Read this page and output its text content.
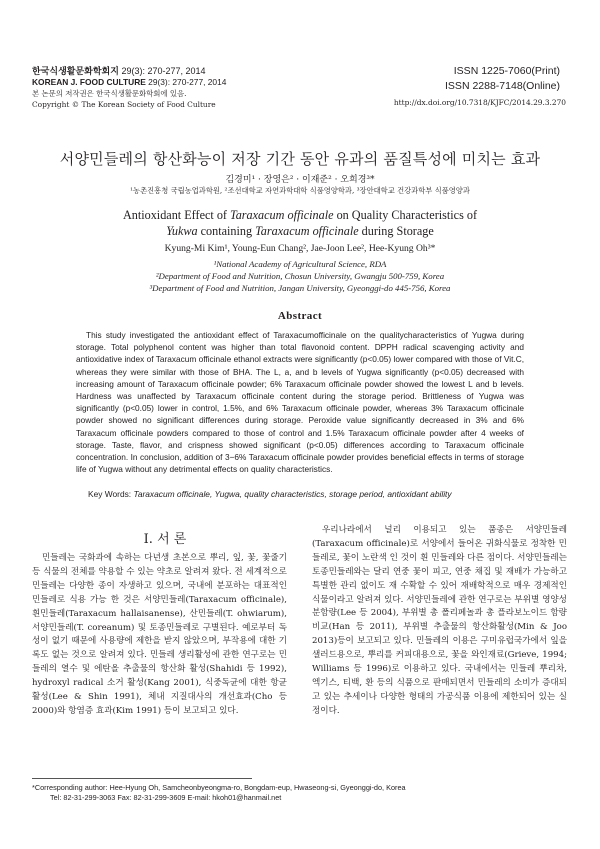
한국식생활문화학회지 29(3): 270-277, 2014
KOREAN J. FOOD CULTURE 29(3): 270-277, 2014
본 논문의 저작권은 한국식생활문화학회에 있음.
Copyright © The Korean Society of Food Culture
ISSN 1225-7060(Print)
ISSN 2288-7148(Online)
http://dx.doi.org/10.7318/KJFC/2014.29.3.270
서양민들레의 항산화능이 저장 기간 동안 유과의 품질특성에 미치는 효과
김경미¹ · 장영은² · 이재준² · 오희경³*
¹농촌진흥청 국립농업과학원, ²조선대학교 자연과학대학 식품영양학과, ³장안대학교 건강과학부 식품영양과
Antioxidant Effect of Taraxacum officinale on Quality Characteristics of
Yukwa containing Taraxacum officinale during Storage
Kyung-Mi Kim¹, Young-Eun Chang², Jae-Joon Lee², Hee-Kyung Oh³*
¹National Academy of Agricultural Science, RDA
²Department of Food and Nutrition, Chosun University, Gwangju 500-759, Korea
³Department of Food and Nutrition, Jangan University, Gyeonggi-do 445-756, Korea
Abstract

This study investigated the antioxidant effect of Taraxacumofficinale on the qualitycharacteristics of Yugwa during storage. Total polyphenol content was higher than total flavonoid content. DPPH radical scavenging activity and antioxidative index of Taraxacum officinale ethanol extracts were significantly (p<0.05) lower compared with those of Vit.C, whereas they were similar with those of BHA. The L, a, and b levels of Yugwa significantly (p<0.05) decreased with increasing amount of Taraxacum officinale powder; 6% Taraxacum officinale powder showed the lowest L and b levels. Hardness was unaffected by Taraxacum officinale content during the storage period. Brittleness of Yugwa was significantly (p<0.05) lower in control, 1.5%, and 6% Taraxacum officinale powder, whereas 3% Taraxacum officinale powder showed no significant differences during storage. Peroxide value significantly decreased in 3% and 6% Taraxacum officinale powders compared to those of control and 1.5% Taraxacum officinale powder after 4 weeks of storage. Taste, flavor, and crispness showed significant (p<0.05) differences according to Taraxacum officinale concentration. In conclusion, addition of 3−6% Taraxacum officinale powder provides beneficial effects in terms of storage life of Yugwa without any detrimental effects on quality characteristics.

Key Words: Taraxacum officinale, Yugwa, quality characteristics, storage period, antioxidant ability
I. 서 론

민들레는 국화과에 속하는 다년생 초본으로 뿌리, 잎, 꽃, 꽃줄기 등 식물의 전체를 약용할 수 있는 약초로 알려져 왔다. 전 세계적으로 민들레는 다양한 종이 자생하고 있으며, 국내에 분포하는 대표적인 민들레로 식용 가능 한 것은 서양민들레(Taraxacum officinale), 흰민들레(Taraxacum hallaisanense), 산민들레(T. ohwiarum), 서양민들레(T. coreanum) 및 토종민들레로 구별된다. 예로부터 독성이 없기 때문에 사용량에 제한을 받지 않았으며, 부작용에 대한 기록도 없는 것으로 알려져 있다. 민들레 생리활성에 관한 연구로는 민들레의 열수 및 에탄올 추출물의 항산화 활성(Shahidi 등 1992), hydroxyl radical 소거 활성(Kang 2001), 식중독균에 대한 항균활성(Lee & Shin 1991), 체내 지질대사의 개선효과(Cho 등 2000)와 항염증 효과(Kim 1991) 등이 보고되고 있다.

우리나라에서 널리 이용되고 있는 품종은 서양민들레(Taraxacum officinale)로 서양에서 들어온 귀화식물로 정착한 민들레로, 꽃이 노란색 인 것이 흰 민들레와 다른 점이다. 서양민들레는 토종민들레와는 달리 연중 꽃이 피고, 연중 채집 및 재배가 가능하고 특별한 관리 없이도 재 수확할 수 있어 재배학적으로 매우 경제적인 식물이라고 알려져 있다. 서양민들레에 관한 연구로는 부위별 영양성분함량(Lee 등 2004), 부위별 총 폴리페놀과 총 플라보노이드 함량 비교(Han 등 2011), 부위별 추출물의 항산화활성(Min & Joo 2013)등이 보고되고 있다. 민들레의 이용은 구미유럽국가에서 잎을 샐러드용으로, 뿌리를 커피대용으로, 꽃을 와인재료(Grieve, 1994; Williams 등 1996)로 이용하고 있다. 국내에서는 민들레 뿌리차, 엑기스, 티백, 환 등의 식품으로 판매되면서 민들레의 소비가 증대되고 있는 추세이나 다양한 형태의 가공식품 이용에 제한되어 있는 실정이다.

*Corresponding author: Hee-Hyung Oh, Samcheonbyeongma-ro, Bongdam-eup, Hwaseong-si, Gyeonggi-do, Korea
Tel: 82-31-299-3063 Fax: 82-31-299-3609 E-mail: hkoh01@hanmail.net
